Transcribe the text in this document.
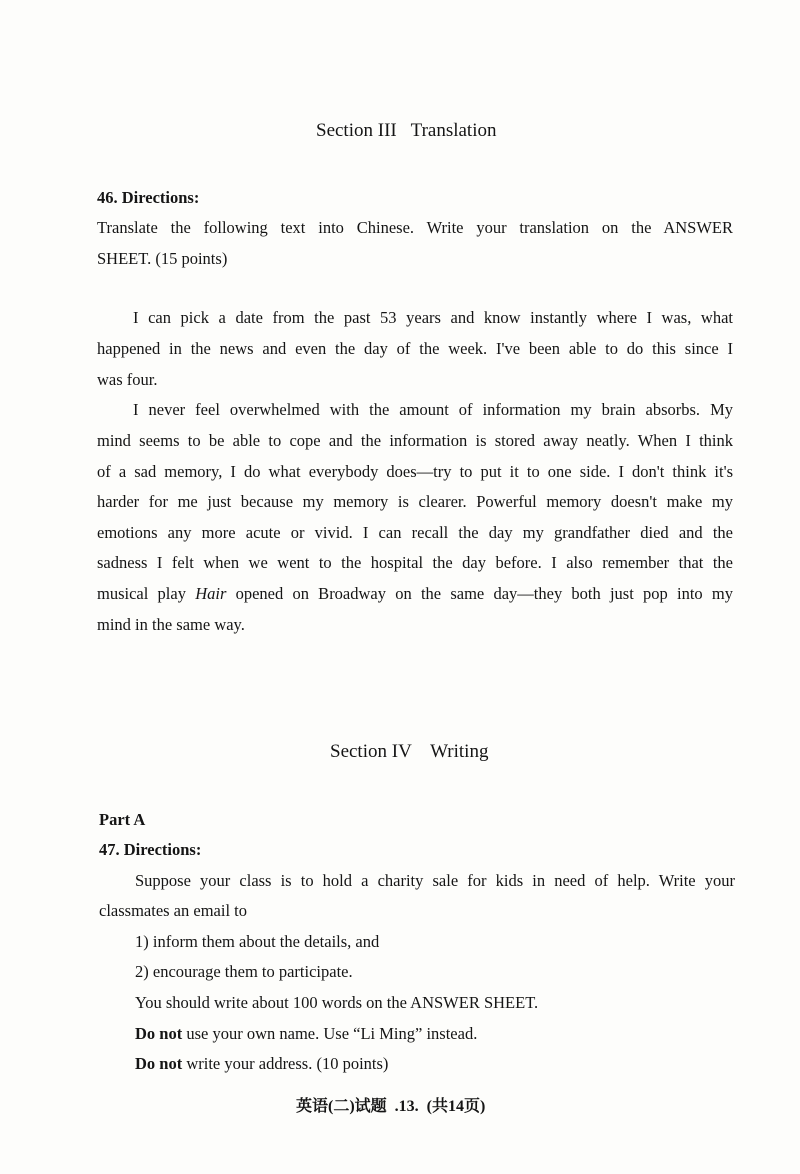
Section III   Translation
46. Directions:
Translate the following text into Chinese. Write your translation on the ANSWER
SHEET. (15 points)
I can pick a date from the past 53 years and know instantly where I was, what
happened in the news and even the day of the week. I've been able to do this since I
was four.
I never feel overwhelmed with the amount of information my brain absorbs. My
mind seems to be able to cope and the information is stored away neatly. When I think
of a sad memory, I do what everybody does—try to put it to one side. I don't think it's
harder for me just because my memory is clearer. Powerful memory doesn't make my
emotions any more acute or vivid. I can recall the day my grandfather died and the
sadness I felt when we went to the hospital the day before. I also remember that the
musical play Hair opened on Broadway on the same day—they both just pop into my
mind in the same way.
Section IV    Writing
Part A
47. Directions:
Suppose your class is to hold a charity sale for kids in need of help. Write your
classmates an email to
1) inform them about the details, and
2) encourage them to participate.
You should write about 100 words on the ANSWER SHEET.
Do not use your own name. Use “Li Ming” instead.
Do not write your address. (10 points)
英语(二)试题  .13.  (共14页)
